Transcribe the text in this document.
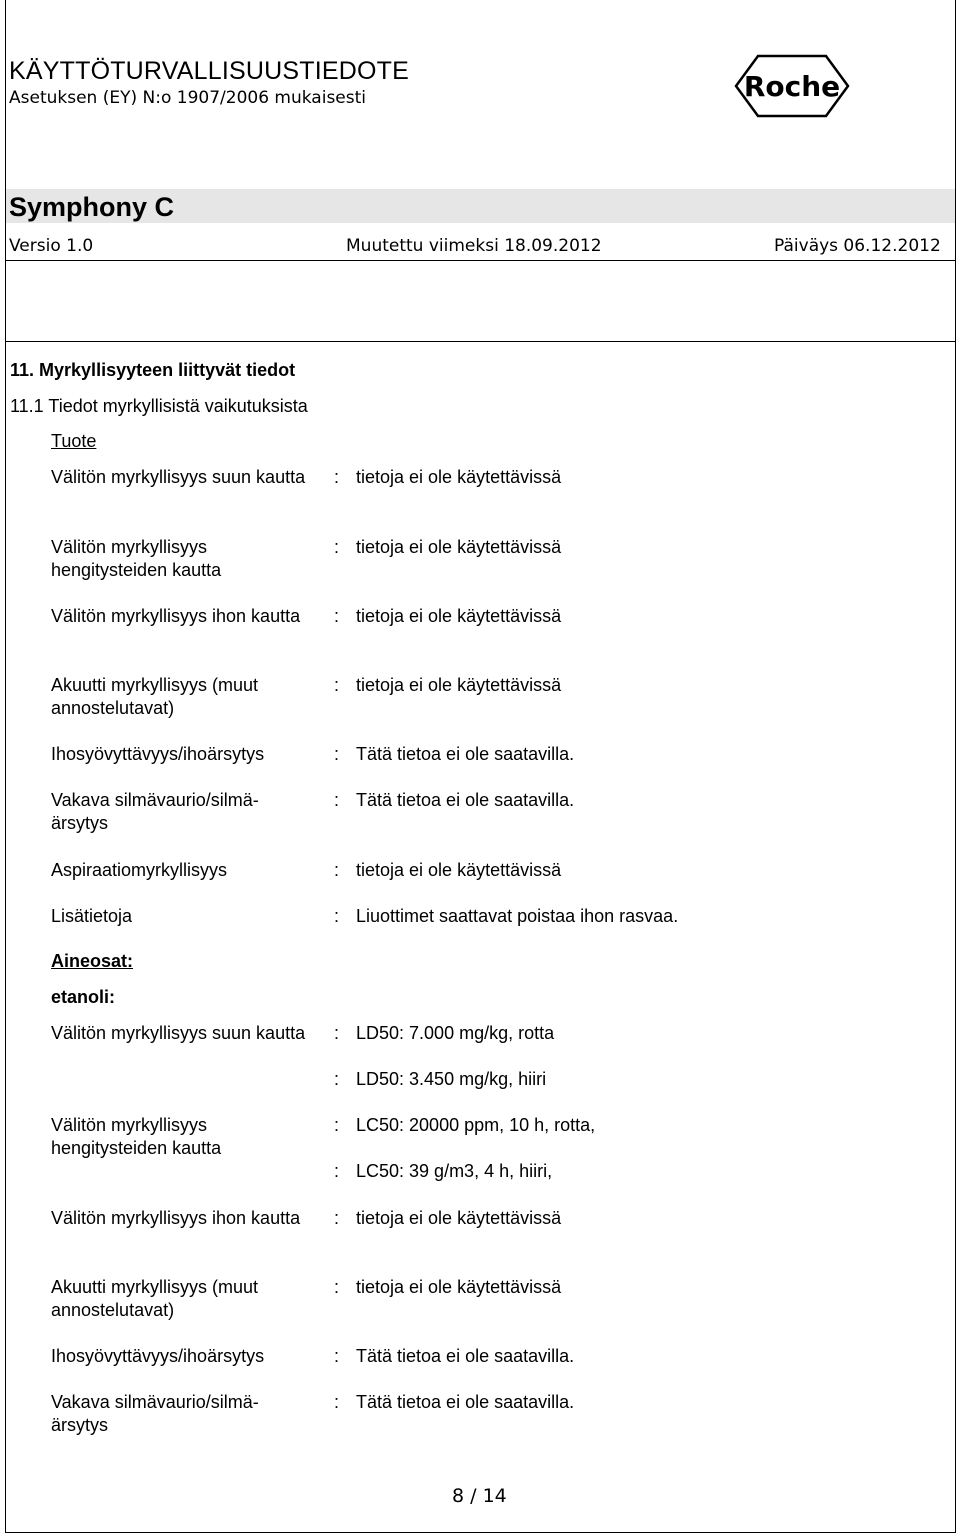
KÄYTTÖTURVALLISUUSTIEDOTE
Asetuksen (EY) N:o 1907/2006 mukaisesti	Roche
Symphony C
Versio 1.0	Muutettu viimeksi 18.09.2012	Päiväys 06.12.2012
11. Myrkyllisyyteen liittyvät tiedot
11.1 Tiedot myrkyllisistä vaikutuksista
Tuote
Välitön myrkyllisyys suun kautta	: tietoja ei ole käytettävissä
Välitön myrkyllisyys hengitysteiden kautta
: tietoja ei ole käytettävissä
Välitön myrkyllisyys ihon kautta	: tietoja ei ole käytettävissä
Akuutti myrkyllisyys (muut annostelutavat)
: tietoja ei ole käytettävissä
Ihosyövyttävyys/ihoärsytys	: Tätä tietoa ei ole saatavilla.
Vakava silmävaurio/silmä-ärsytys
: Tätä tietoa ei ole saatavilla.
Aspiraatiomyrkyllisyys	: tietoja ei ole käytettävissä
Lisätietoja	: Liuottimet saattavat poistaa ihon rasvaa.
Aineosat:
etanoli:
Välitön myrkyllisyys suun kautta	: LD50: 7.000 mg/kg, rotta
: LD50: 3.450 mg/kg, hiiri
Välitön myrkyllisyys hengitysteiden kautta
: LC50: 20000 ppm, 10 h, rotta,
: LC50: 39 g/m3, 4 h, hiiri,
Välitön myrkyllisyys ihon kautta	: tietoja ei ole käytettävissä
Akuutti myrkyllisyys (muut annostelutavat)
: tietoja ei ole käytettävissä
Ihosyövyttävyys/ihoärsytys	: Tätä tietoa ei ole saatavilla.
Vakava silmävaurio/silmä-ärsytys
: Tätä tietoa ei ole saatavilla.
8 / 14
